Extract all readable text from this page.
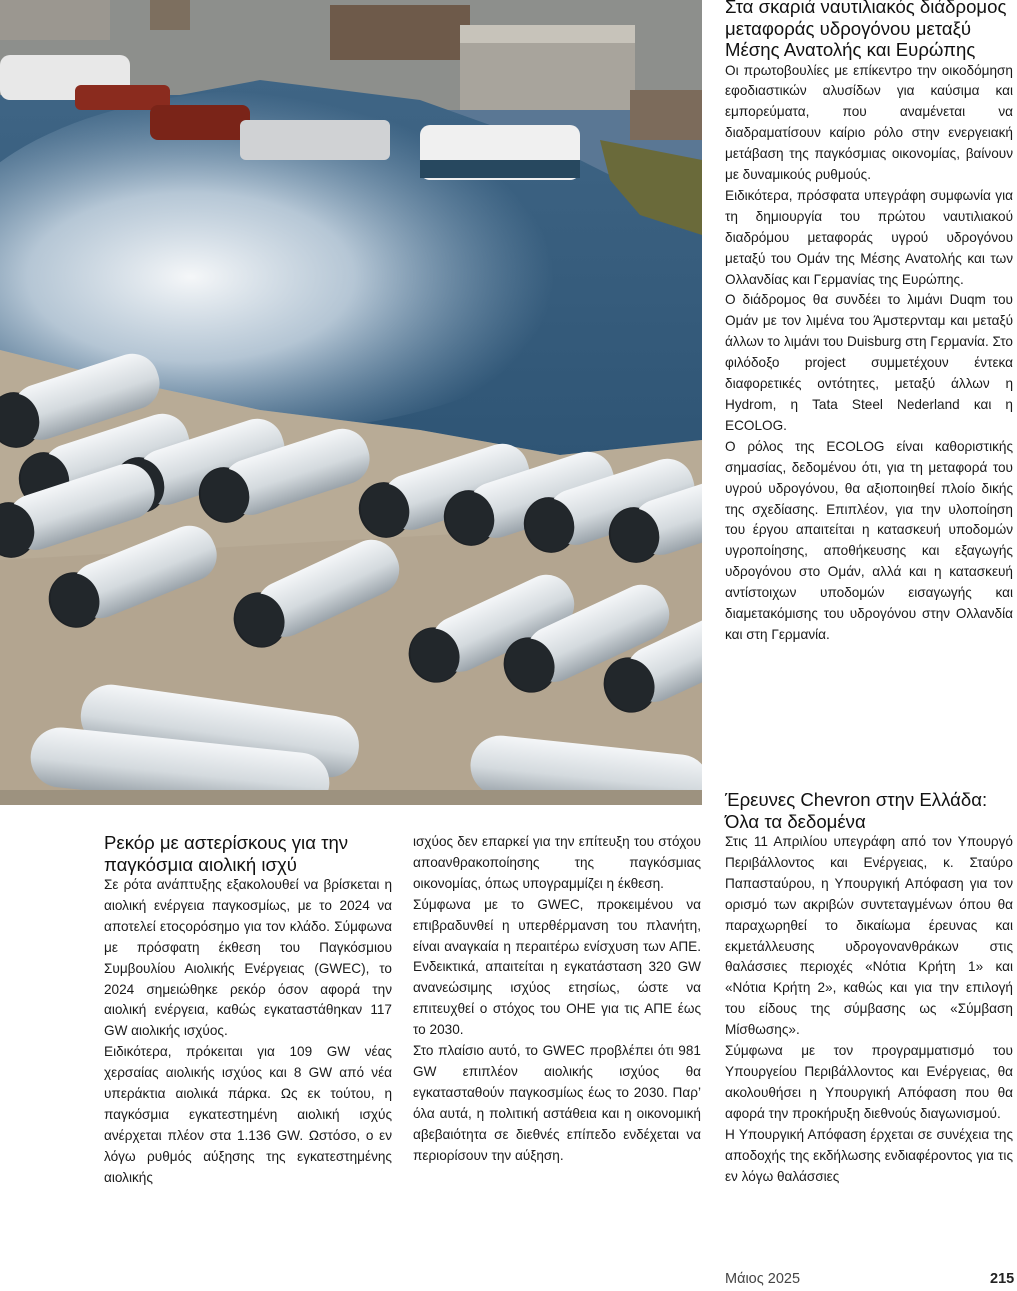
Στα σκαριά ναυτιλιακός διάδρομος μεταφοράς υδρογόνου μεταξύ Μέσης Ανατολής και Ευρώπης

Οι πρωτοβουλίες με επίκεντρο την οικοδόμηση εφοδιαστικών αλυσίδων για καύσιμα και εμπορεύματα, που αναμένεται να διαδραματίσουν καίριο ρόλο στην ενεργειακή μετάβαση της παγκόσμιας οικονομίας, βαίνουν με δυναμικούς ρυθμούς.

Ειδικότερα, πρόσφατα υπεγράφη συμφωνία για τη δημιουργία του πρώτου ναυτιλιακού διαδρόμου μεταφοράς υγρού υδρογόνου μεταξύ του Ομάν της Μέσης Ανατολής και των Ολλανδίας και Γερμανίας της Ευρώπης.

Ο διάδρομος θα συνδέει το λιμάνι Duqm του Ομάν με τον λιμένα του Άμστερνταμ και μεταξύ άλλων το λιμάνι του Duisburg στη Γερμανία. Στο φιλόδοξο project συμμετέχουν έντεκα διαφορετικές οντότητες, μεταξύ άλλων η Hydrom, η Tata Steel Nederland και η ECOLOG.

Ο ρόλος της ECOLOG είναι καθοριστικής σημασίας, δεδομένου ότι, για τη μεταφορά του υγρού υδρογόνου, θα αξιοποιηθεί πλοίο δικής της σχεδίασης. Επιπλέον, για την υλοποίηση του έργου απαιτείται η κατασκευή υποδομών υγροποίησης, αποθήκευσης και εξαγωγής υδρογόνου στο Ομάν, αλλά και η κατασκευή αντίστοιχων υποδομών εισαγωγής και διαμετακόμισης του υδρογόνου στην Ολλανδία και στη Γερμανία.

Ρεκόρ με αστερίσκους για την παγκόσμια αιολική ισχύ

Σε ρότα ανάπτυξης εξακολουθεί να βρίσκεται η αιολική ενέργεια παγκοσμίως, με το 2024 να αποτελεί ετοςορόσημο για τον κλάδο. Σύμφωνα με πρόσφατη έκθεση του Παγκόσμιου Συμβουλίου Αιολικής Ενέργειας (GWEC), το 2024 σημειώθηκε ρεκόρ όσον αφορά την αιολική ενέργεια, καθώς εγκαταστάθηκαν 117 GW αιολικής ισχύος.

Ειδικότερα, πρόκειται για 109 GW νέας χερσαίας αιολικής ισχύος και 8 GW από νέα υπεράκτια αιολικά πάρκα. Ως εκ τούτου, η παγκόσμια εγκατεστημένη αιολική ισχύς ανέρχεται πλέον στα 1.136 GW. Ωστόσο, ο εν λόγω ρυθμός αύξησης της εγκατεστημένης αιολικής

ισχύος δεν επαρκεί για την επίτευξη του στόχου απoανθρακοποίησης της παγκόσμιας οικονομίας, όπως υπογραμμίζει η έκθεση.

Σύμφωνα με το GWEC, προκειμένου να επιβραδυνθεί η υπερθέρμανση του πλανήτη, είναι αναγκαία η περαιτέρω ενίσχυση των ΑΠΕ. Ενδεικτικά, απαιτείται η εγκατάσταση 320 GW ανανεώσιμης ισχύος ετησίως, ώστε να επιτευχθεί ο στόχος του ΟΗΕ για τις ΑΠΕ έως το 2030.

Στο πλαίσιο αυτό, το GWEC προβλέπει ότι 981 GW επιπλέον αιολικής ισχύος θα εγκατασταθούν παγκοσμίως έως το 2030. Παρ’ όλα αυτά, η πολιτική αστάθεια και η οικονομική αβεβαιότητα σε διεθνές επίπεδο ενδέχεται να περιορίσουν την αύξηση.

Έρευνες Chevron στην Ελλάδα: Όλα τα δεδομένα

Στις 11 Απριλίου υπεγράφη από τον Υπουργό Περιβάλλοντος και Ενέργειας, κ. Σταύρο Παπασταύρου, η Υπουργική Απόφαση για τον ορισμό των ακριβών συντεταγμένων όπου θα παραχωρηθεί το δικαίωμα έρευνας και εκμετάλλευσης υδρογονανθράκων στις θαλάσσιες περιοχές «Νότια Κρήτη 1» και «Νότια Κρήτη 2», καθώς και για την επιλογή του είδους της σύμβασης ως «Σύμβαση Μίσθωσης».

Σύμφωνα με τον προγραμματισμό του Υπουργείου Περιβάλλοντος και Ενέργειας, θα ακολουθήσει η Υπουργική Απόφαση που θα αφορά την προκήρυξη διεθνούς διαγωνισμού.

Η Υπουργική Απόφαση έρχεται σε συνέχεια της αποδοχής της εκδήλωσης ενδιαφέροντος για τις εν λόγω θαλάσσιες

Μάιος 2025	215
